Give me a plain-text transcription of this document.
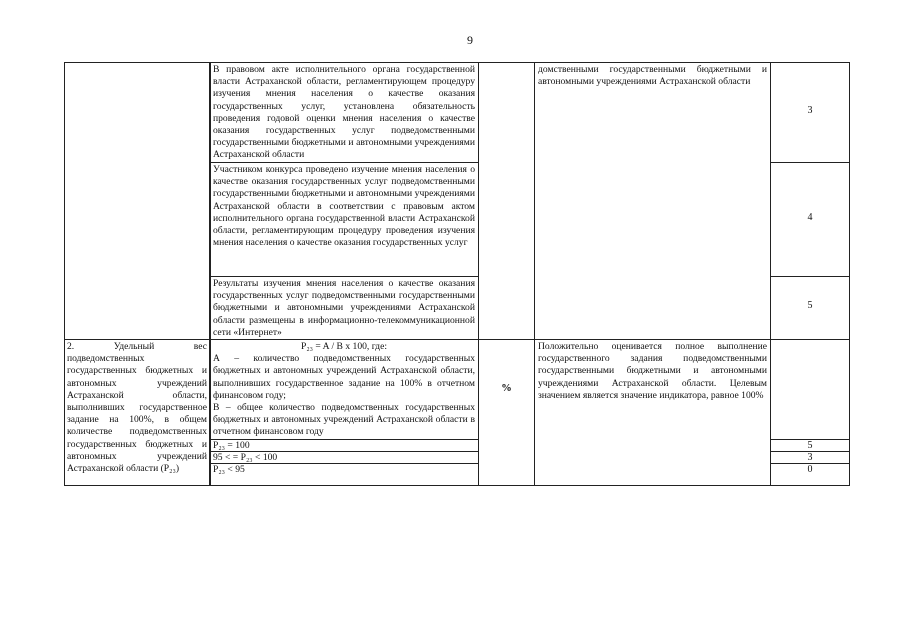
9
В правовом акте исполнительного органа государственной власти Астраханской области, регламентирующем процедуру изучения мнения населения о качестве оказания государственных услуг, установлена обязательность проведения годовой оценки мнения населения о качестве оказания государственных услуг подведомственными государственными бюджетными и автономными учреждениями Астраханской области
Участником конкурса проведено изучение мнения населения о качестве оказания государственных услуг подведомственными государственными бюджетными и автономными учреждениями Астраханской области в соответствии с правовым актом исполнительного органа государственной власти Астраханской области, регламентирующим процедуру проведения изучения мнения населения о качестве оказания государственных услуг
Результаты изучения мнения населения о качестве оказания государственных услуг подведомственными государственными бюджетными и автономными учреждениями Астраханской области размещены в информационно-телекоммуникационной сети «Интернет»
домственными государственными бюджетными и автономными учреждениями Астраханской области
3
4
5
2. Удельный вес подведомственных государственных бюджетных и автономных учреждений Астраханской области, выполнивших государственное задание на 100%, в общем количестве подведомственных государственных бюджетных и автономных учреждений Астраханской области (P₂₃)
P₂₃ = A / B x 100, где:
А – количество подведомственных государственных бюджетных и автономных учреждений Астраханской области, выполнивших государственное задание на 100% в отчетном финансовом году;
В – общее количество подведомственных государственных бюджетных и автономных учреждений Астраханской области в отчетном финансовом году
P₂₃ = 100
95 < = P₂₃ < 100
P₂₃ < 95
%
Положительно оценивается полное выполнение государственного задания подведомственными государственными бюджетными и автономными учреждениями Астраханской области. Целевым значением является значение индикатора, равное 100%
5
3
0
